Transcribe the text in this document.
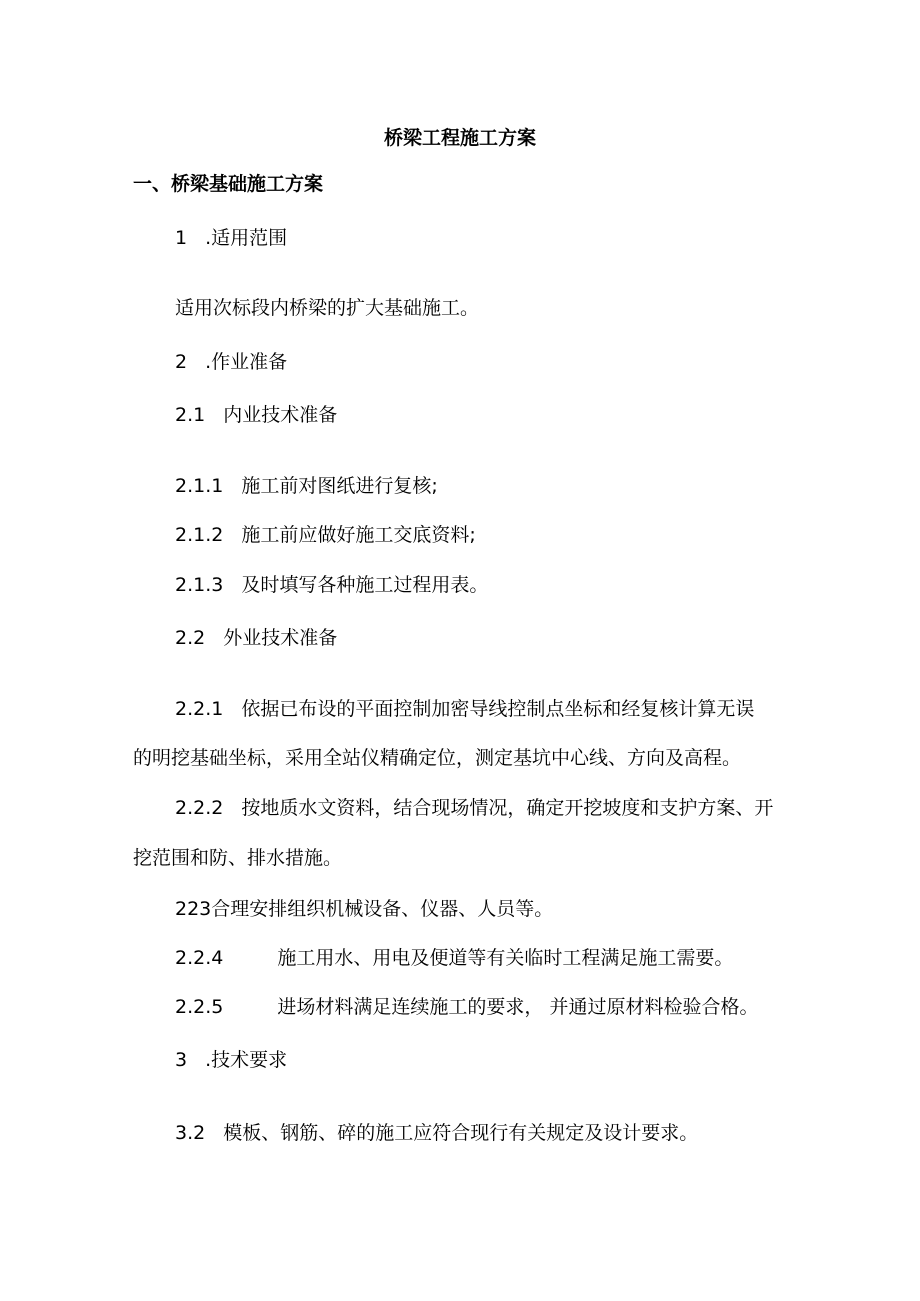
桥梁工程施工方案
一、桥梁基础施工方案
1 .适用范围
适用次标段内桥梁的扩大基础施工。
2 .作业准备
2.1 内业技术准备
2.1.1 施工前对图纸进行复核;
2.1.2 施工前应做好施工交底资料;
2.1.3 及时填写各种施工过程用表。
2.2 外业技术准备
2.2.1 依据已布设的平面控制加密导线控制点坐标和经复核计算无误
的明挖基础坐标，采用全站仪精确定位，测定基坑中心线、方向及高程。
2.2.2 按地质水文资料，结合现场情况，确定开挖坡度和支护方案、开
挖范围和防、排水措施。
223合理安排组织机械设备、仪器、人员等。
2.2.4	施工用水、用电及便道等有关临时工程满足施工需要。
2.2.5	进场材料满足连续施工的要求， 并通过原材料检验合格。
3 .技术要求
3.2 模板、钢筋、碎的施工应符合现行有关规定及设计要求。
